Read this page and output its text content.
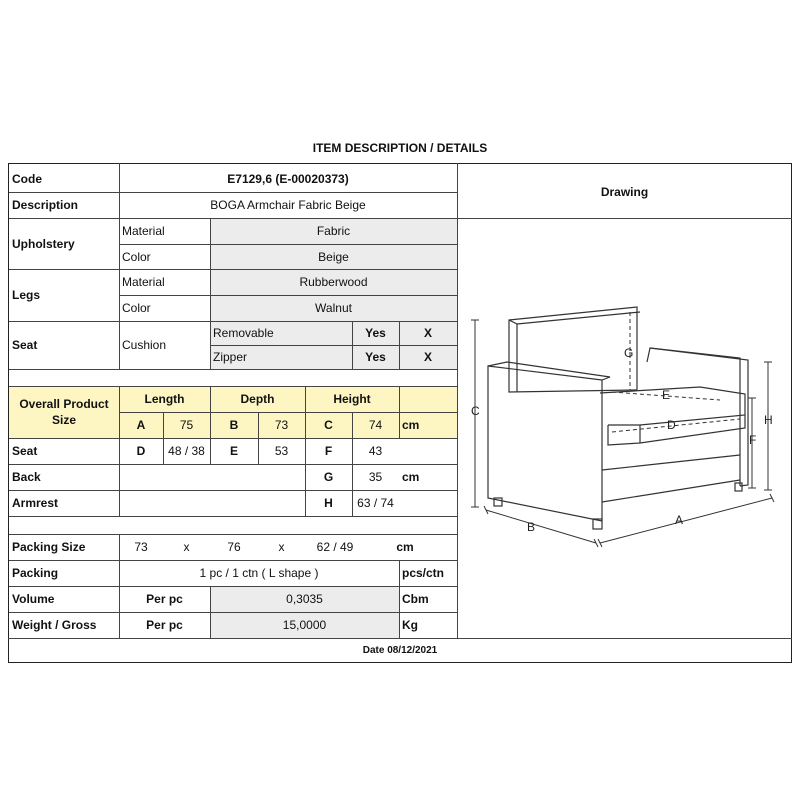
ITEM DESCRIPTION / DETAILS
Code	E7129,6 (E-00020373)
Description	BOGA Armchair Fabric Beige
Upholstery
Material	Fabric
Color	Beige
Legs
Material	Rubberwood
Color	Walnut
Seat	Cushion
Removable	Yes	X
Zipper	Yes	X
Overall Product
Size
Length	Depth	Height
A	75	B	73	C	74	cm
Seat	D	48 / 38	E	53	F	43
Back	G	35	cm
Armrest	H	63 / 74
Packing Size	73	x	76	x	62 / 49	cm
Packing	1 pc / 1 ctn ( L shape )	pcs/ctn
Volume	Per pc	0,3035	Cbm
Weight / Gross	Per pc	15,0000	Kg
Date 08/12/2021
Drawing
A
B
C
D
E
F
G
H
